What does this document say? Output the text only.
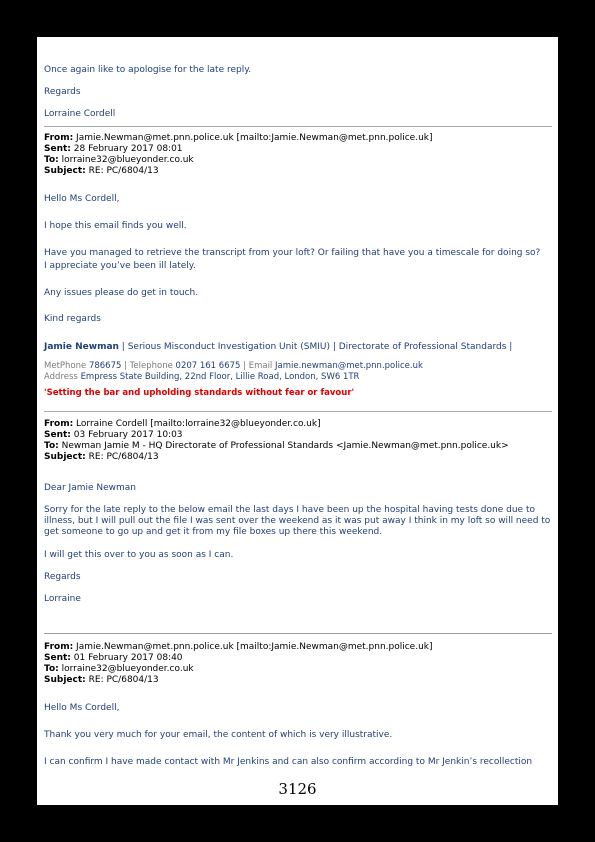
Once again like to apologise for the late reply.
Regards
Lorraine Cordell
From: Jamie.Newman@met.pnn.police.uk [mailto:Jamie.Newman@met.pnn.police.uk]
Sent: 28 February 2017 08:01
To: lorraine32@blueyonder.co.uk
Subject: RE: PC/6804/13
Hello Ms Cordell,
I hope this email finds you well.
Have you managed to retrieve the transcript from your loft? Or failing that have you a timescale for doing so?
I appreciate you’ve been ill lately.
Any issues please do get in touch.
Kind regards
Jamie Newman | Serious Misconduct Investigation Unit (SMIU) | Directorate of Professional Standards |
MetPhone 786675 | Telephone 0207 161 6675 | Email Jamie.newman@met.pnn.police.uk
Address Empress State Building, 22nd Floor, Lillie Road, London, SW6 1TR
'Setting the bar and upholding standards without fear or favour'
From: Lorraine Cordell [mailto:lorraine32@blueyonder.co.uk]
Sent: 03 February 2017 10:03
To: Newman Jamie M - HQ Directorate of Professional Standards <Jamie.Newman@met.pnn.police.uk>
Subject: RE: PC/6804/13
Dear Jamie Newman
Sorry for the late reply to the below email the last days I have been up the hospital having tests done due to
illness, but I will pull out the file I was sent over the weekend as it was put away I think in my loft so will need to
get someone to go up and get it from my file boxes up there this weekend.
I will get this over to you as soon as I can.
Regards
Lorraine
From: Jamie.Newman@met.pnn.police.uk [mailto:Jamie.Newman@met.pnn.police.uk]
Sent: 01 February 2017 08:40
To: lorraine32@blueyonder.co.uk
Subject: RE: PC/6804/13
Hello Ms Cordell,
Thank you very much for your email, the content of which is very illustrative.
I can confirm I have made contact with Mr Jenkins and can also confirm according to Mr Jenkin’s recollection
3126
